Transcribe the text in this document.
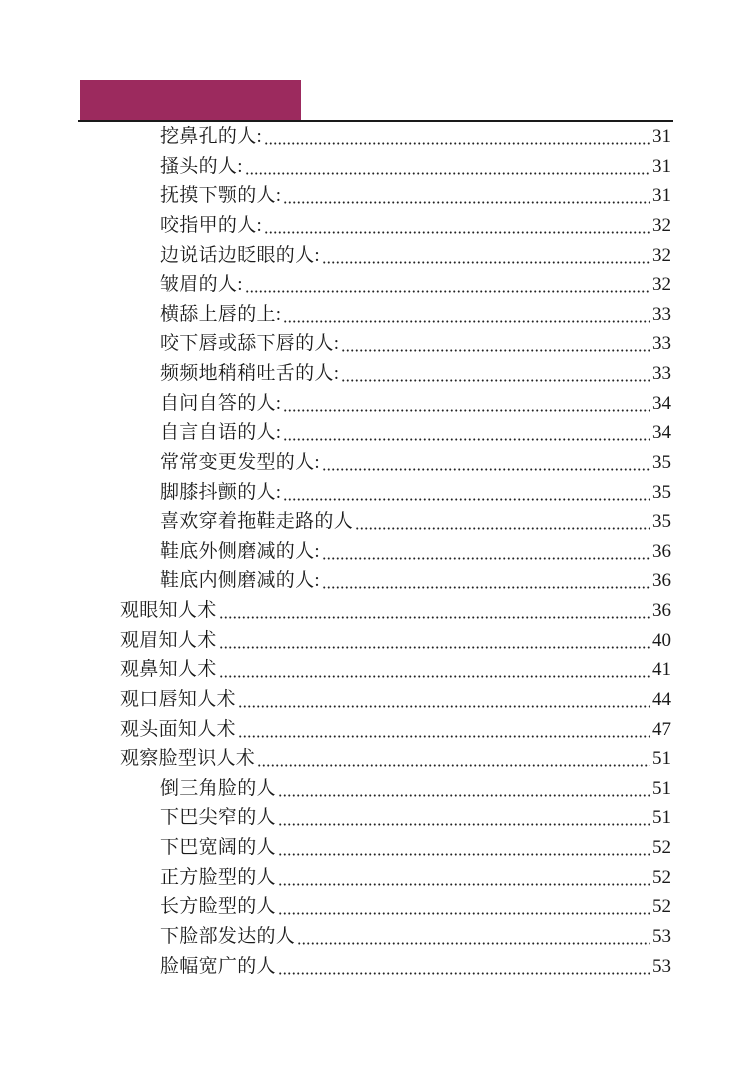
挖鼻孔的人:	31
搔头的人:	31
抚摸下颚的人:	31
咬指甲的人:	32
边说话边眨眼的人:	32
皱眉的人:	32
横舔上唇的上:	33
咬下唇或舔下唇的人:	33
频频地稍稍吐舌的人:	33
自问自答的人:	34
自言自语的人:	34
常常变更发型的人:	35
脚膝抖颤的人:	35
喜欢穿着拖鞋走路的人	35
鞋底外侧磨减的人:	36
鞋底内侧磨减的人:	36
观眼知人术	36
观眉知人术	40
观鼻知人术	41
观口唇知人术	44
观头面知人术	47
观察脸型识人术	51
倒三角脸的人	51
下巴尖窄的人	51
下巴宽阔的人	52
正方脸型的人	52
长方睑型的人	52
下脸部发达的人	53
脸幅宽广的人	53
